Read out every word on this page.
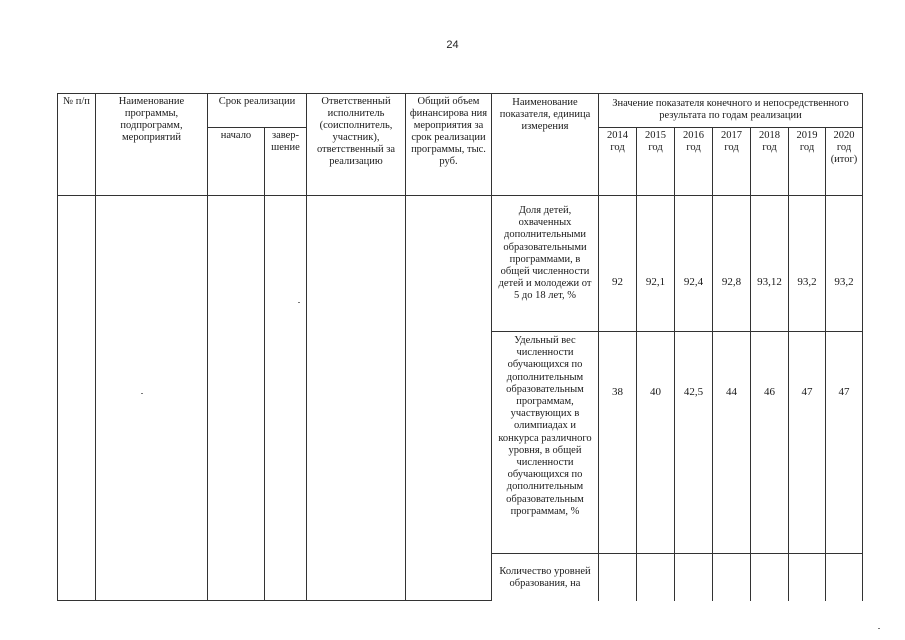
24
№ п/п	Наименование программы, подпрограмм, мероприятий	Срок реализации		Ответственный исполнитель (соисполнитель, участник), ответственный за реализацию	Общий объем финансирова ния мероприятия за срок реализации программы, тыс. руб.	Наименование показателя, единица измерения	Значение показателя конечного и непосредственного результата по годам реализации						
		начало	завер-шение				2014 год	2015 год	2016 год	2017 год	2018 год	2019 год	2020 год (итог)
						Доля детей, охваченных дополнительными образовательными программами, в общей численности детей и молодежи от 5 до 18 лет, %	92	92,1	92,4	92,8	93,12	93,2	93,2
						Удельный вес численности обучающихся по дополнительным образовательным программам, участвующих в олимпиадах и конкурса различного уровня, в общей численности обучающихся по дополнительным образовательным программам, %	38	40	42,5	44	46	47	47
						Количество уровней образования, на							
